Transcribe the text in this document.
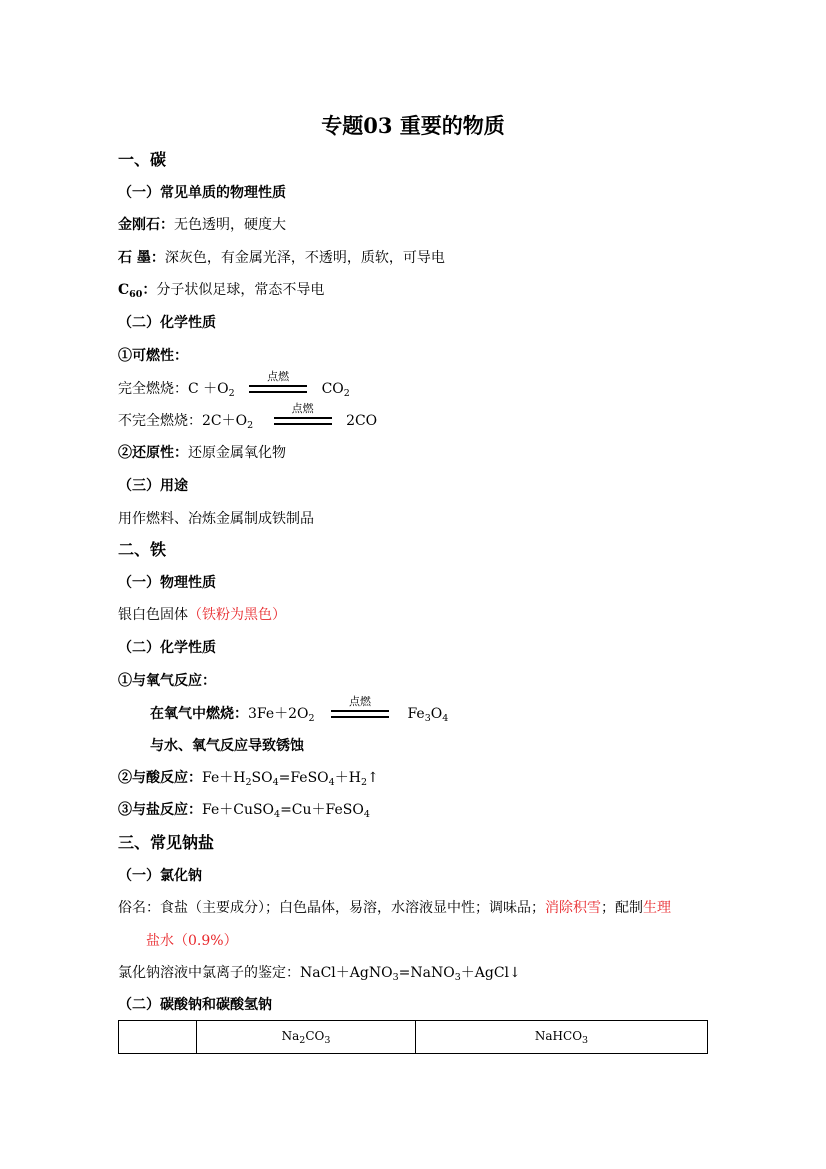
专题03 重要的物质
一、碳
（一）常见单质的物理性质
金刚石：无色透明，硬度大
石 墨：深灰色，有金属光泽，不透明，质软，可导电
$C_{60}$：分子状似足球，常态不导电
（二）化学性质
①可燃性：
完全燃烧：$C +O_2$
点燃
$CO_2$
不完全燃烧：$2C+O_2$
点燃
2CO
②还原性：还原金属氧化物
（三）用途
用作燃料、冶炼金属制成铁制品
二、铁
（一）物理性质
银白色固体（铁粉为黑色）
（二）化学性质
①与氧气反应：
在氧气中燃烧：$3Fe+2O_2$
点燃
$Fe_3O_4$
与水、氧气反应导致锈蚀
②与酸反应：$Fe+H_2SO_4=FeSO_4+H_2↑$
③与盐反应：Fe＋CuSO$_4$=Cu＋FeSO$_4$
三、常见钠盐
（一）氯化钠
俗名：食盐（主要成分）；白色晶体，易溶，水溶液显中性；调味品；消除积雪；配制生理
盐水（0.9%）
氯化钠溶液中氯离子的鉴定：NaCl＋AgNO$_3$=NaNO$_3$＋AgCl↓
（二）碳酸钠和碳酸氢钠
	$Na_2CO_3$	NaHCO$_3$
